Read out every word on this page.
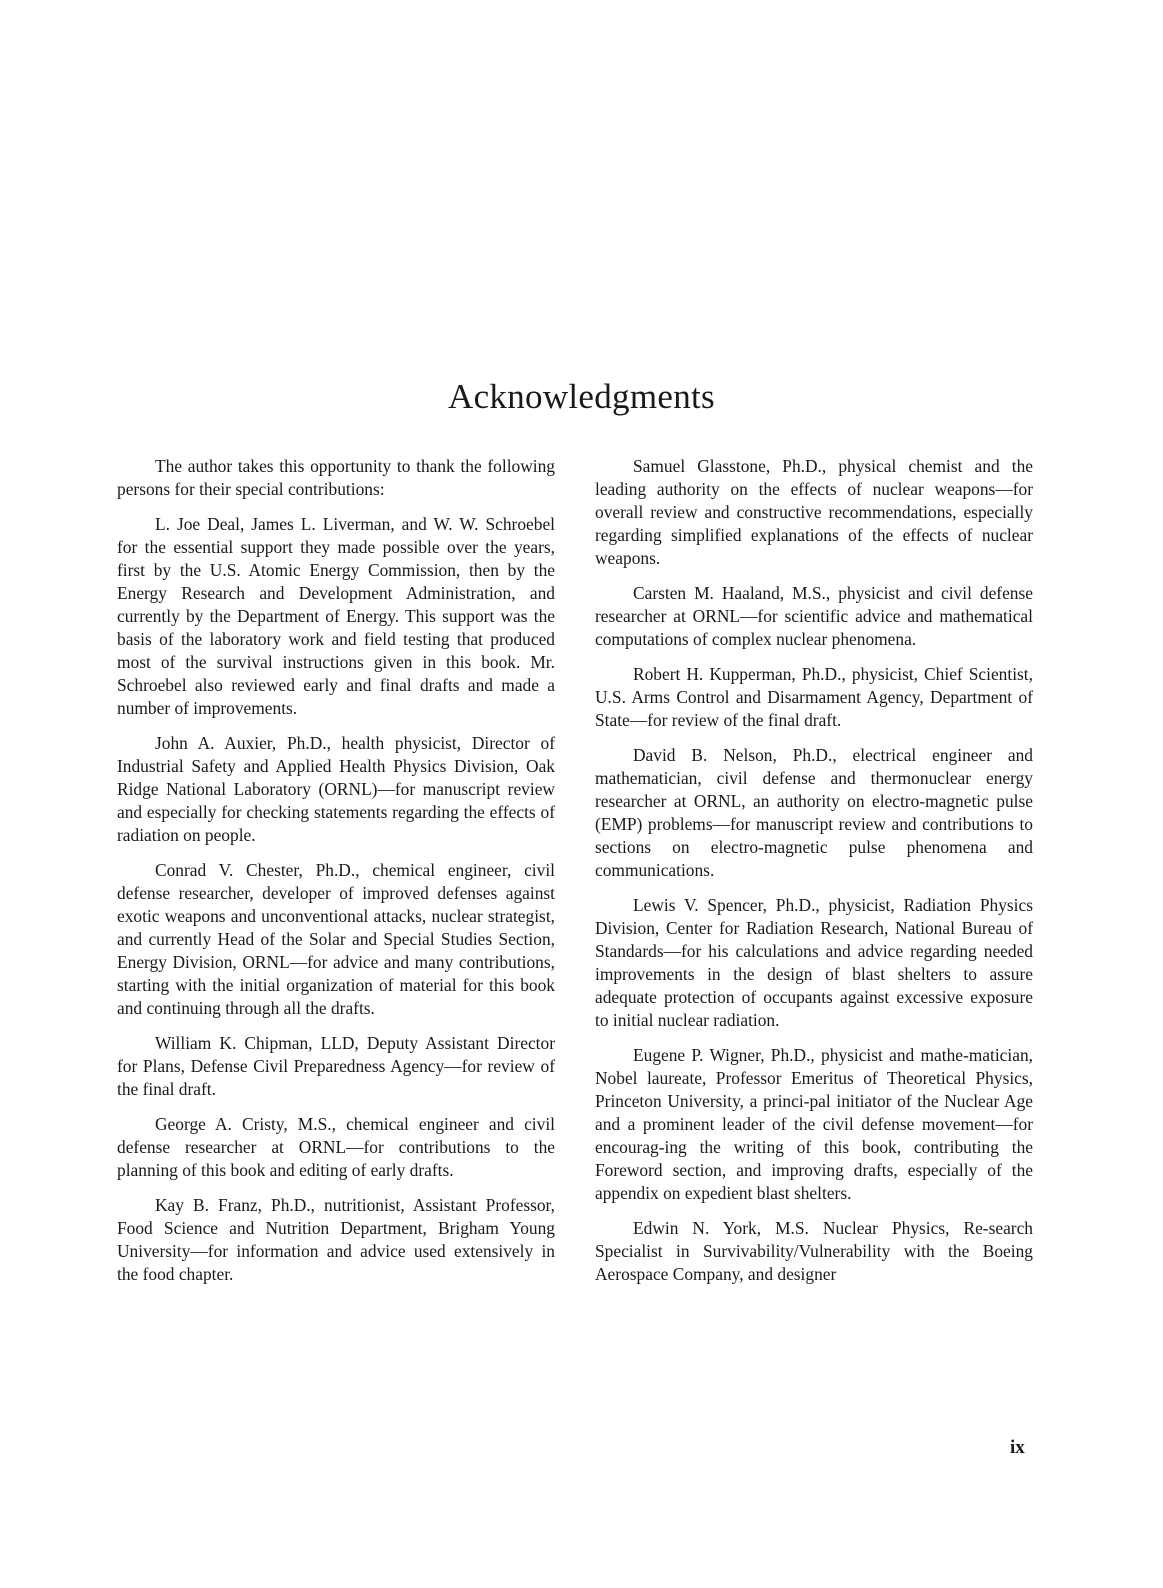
Acknowledgments

The author takes this opportunity to thank the following persons for their special contributions:

L. Joe Deal, James L. Liverman, and W. W. Schroebel for the essential support they made possible over the years, first by the U.S. Atomic Energy Commission, then by the Energy Research and Development Administration, and currently by the Department of Energy. This support was the basis of the laboratory work and field testing that produced most of the survival instructions given in this book. Mr. Schroebel also reviewed early and final drafts and made a number of improvements.

John A. Auxier, Ph.D., health physicist, Director of Industrial Safety and Applied Health Physics Division, Oak Ridge National Laboratory (ORNL)—for manuscript review and especially for checking statements regarding the effects of radiation on people.

Conrad V. Chester, Ph.D., chemical engineer, civil defense researcher, developer of improved defenses against exotic weapons and unconventional attacks, nuclear strategist, and currently Head of the Solar and Special Studies Section, Energy Division, ORNL—for advice and many contributions, starting with the initial organization of material for this book and continuing through all the drafts.

William K. Chipman, LLD, Deputy Assistant Director for Plans, Defense Civil Preparedness Agency—for review of the final draft.

George A. Cristy, M.S., chemical engineer and civil defense researcher at ORNL—for contributions to the planning of this book and editing of early drafts.

Kay B. Franz, Ph.D., nutritionist, Assistant Professor, Food Science and Nutrition Department, Brigham Young University—for information and advice used extensively in the food chapter.

Samuel Glasstone, Ph.D., physical chemist and the leading authority on the effects of nuclear weapons—for overall review and constructive recommendations, especially regarding simplified explanations of the effects of nuclear weapons.

Carsten M. Haaland, M.S., physicist and civil defense researcher at ORNL—for scientific advice and mathematical computations of complex nuclear phenomena.

Robert H. Kupperman, Ph.D., physicist, Chief Scientist, U.S. Arms Control and Disarmament Agency, Department of State—for review of the final draft.

David B. Nelson, Ph.D., electrical engineer and mathematician, civil defense and thermonuclear energy researcher at ORNL, an authority on electro-magnetic pulse (EMP) problems—for manuscript review and contributions to sections on electro-magnetic pulse phenomena and communications.

Lewis V. Spencer, Ph.D., physicist, Radiation Physics Division, Center for Radiation Research, National Bureau of Standards—for his calculations and advice regarding needed improvements in the design of blast shelters to assure adequate protection of occupants against excessive exposure to initial nuclear radiation.

Eugene P. Wigner, Ph.D., physicist and mathe-matician, Nobel laureate, Professor Emeritus of Theoretical Physics, Princeton University, a princi-pal initiator of the Nuclear Age and a prominent leader of the civil defense movement—for encourag-ing the writing of this book, contributing the Foreword section, and improving drafts, especially of the appendix on expedient blast shelters.

Edwin N. York, M.S. Nuclear Physics, Re-search Specialist in Survivability/Vulnerability with the Boeing Aerospace Company, and designer

ix
